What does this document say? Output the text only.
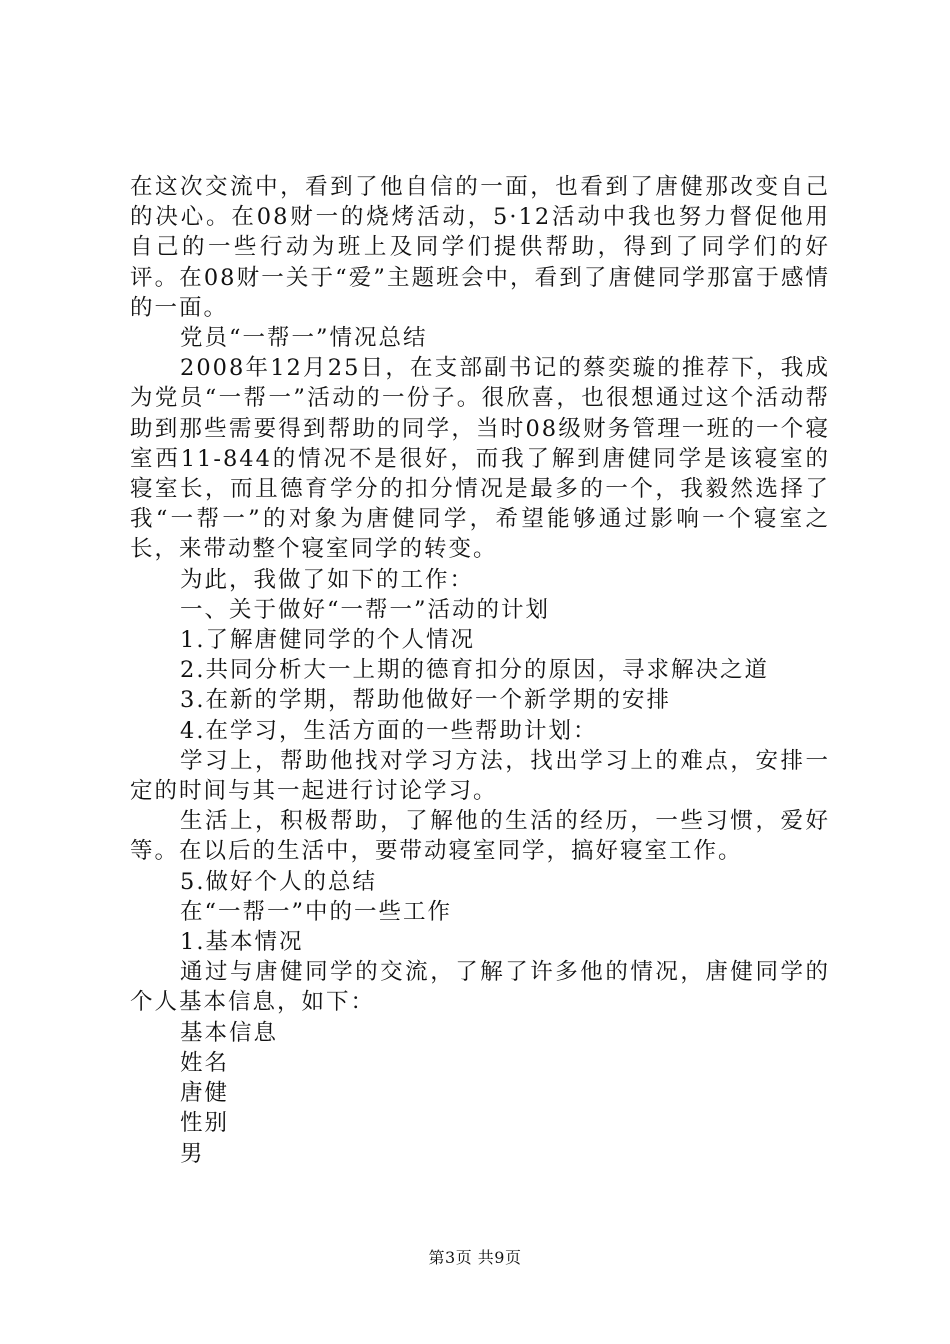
在这次交流中，看到了他自信的一面，也看到了唐健那改变自己的决心。在08财一的烧烤活动，5·12活动中我也努力督促他用自己的一些行动为班上及同学们提供帮助，得到了同学们的好评。在08财一关于“爱”主题班会中，看到了唐健同学那富于感情的一面。

党员“一帮一”情况总结

2008年12月25日，在支部副书记的蔡奕璇的推荐下，我成为党员“一帮一”活动的一份子。很欣喜，也很想通过这个活动帮助到那些需要得到帮助的同学，当时08级财务管理一班的一个寝室西11-844的情况不是很好，而我了解到唐健同学是该寝室的寝室长，而且德育学分的扣分情况是最多的一个，我毅然选择了我“一帮一”的对象为唐健同学，希望能够通过影响一个寝室之长，来带动整个寝室同学的转变。

为此，我做了如下的工作：

一、关于做好“一帮一”活动的计划

1.了解唐健同学的个人情况

2.共同分析大一上期的德育扣分的原因，寻求解决之道

3.在新的学期，帮助他做好一个新学期的安排

4.在学习，生活方面的一些帮助计划：

学习上，帮助他找对学习方法，找出学习上的难点，安排一定的时间与其一起进行讨论学习。

生活上，积极帮助，了解他的生活的经历，一些习惯，爱好等。在以后的生活中，要带动寝室同学，搞好寝室工作。

5.做好个人的总结

在“一帮一”中的一些工作

1.基本情况

通过与唐健同学的交流，了解了许多他的情况，唐健同学的个人基本信息，如下：

基本信息

姓名

唐健

性别

男

第3页 共9页
